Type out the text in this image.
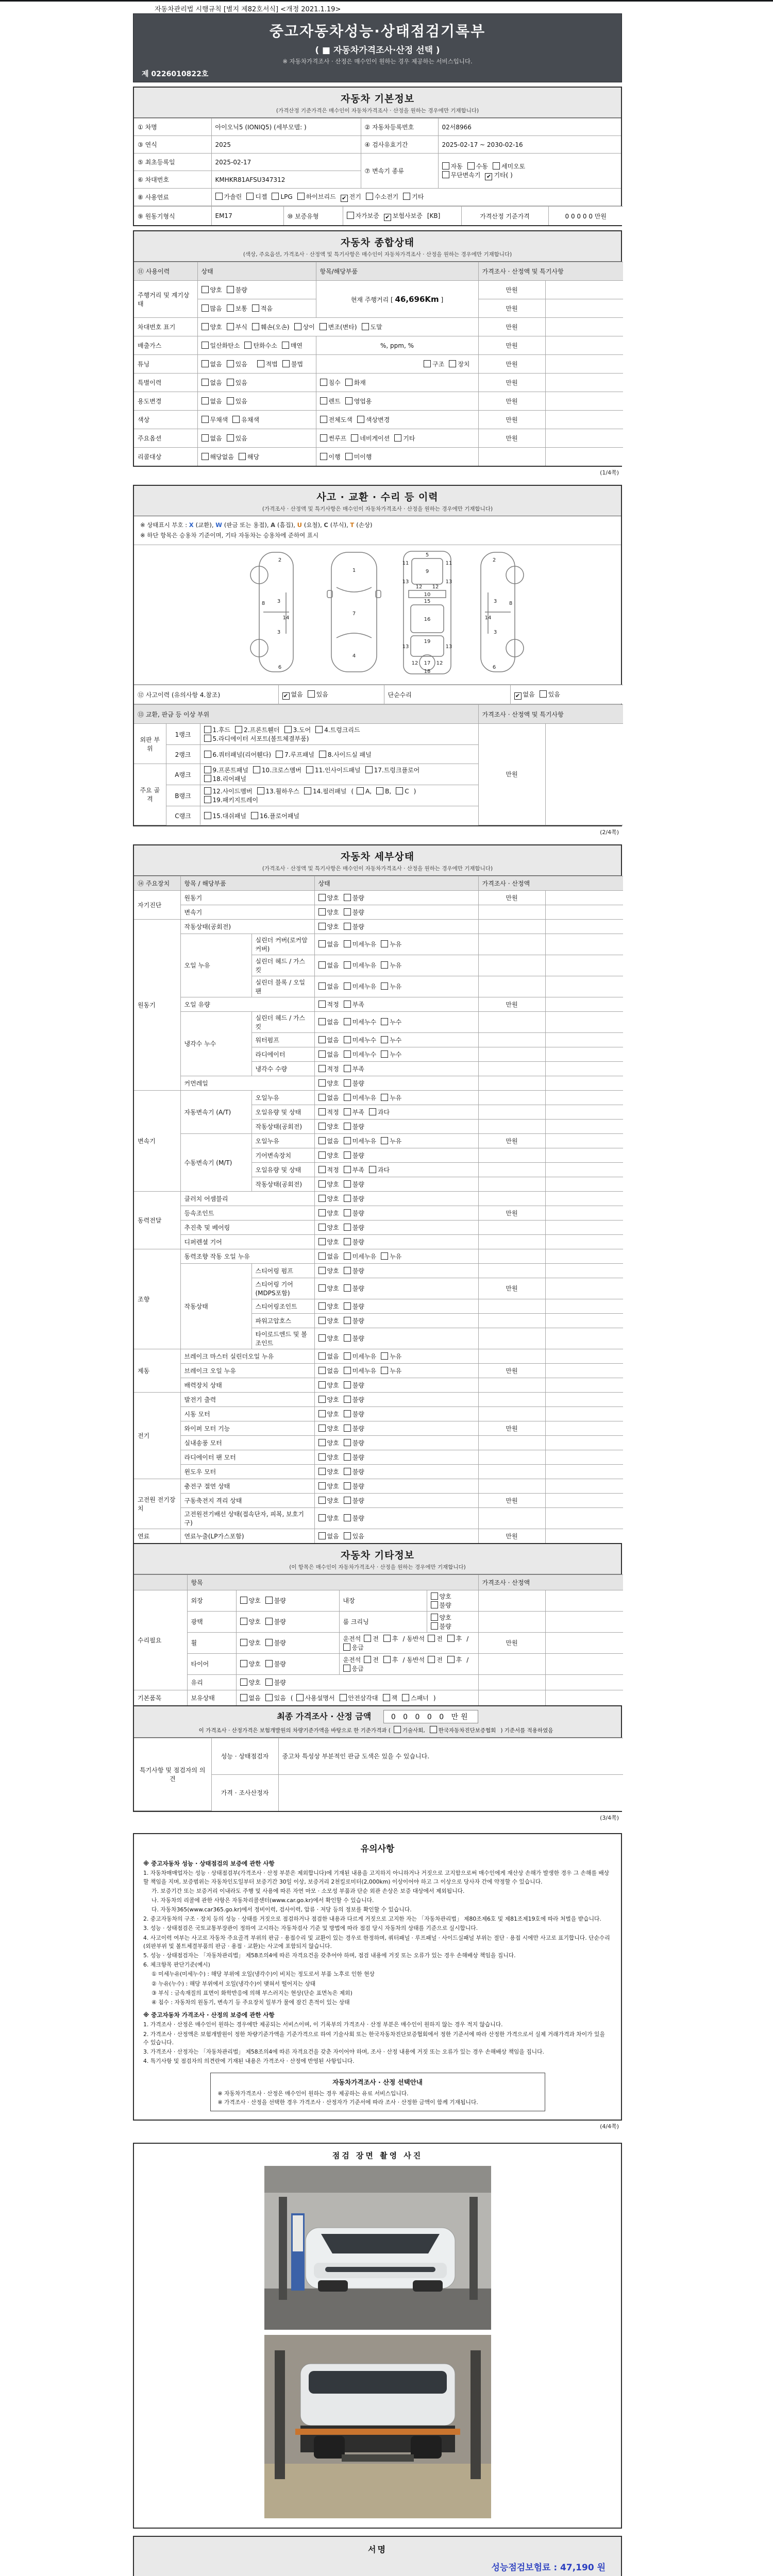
자동차관리법 시행규칙 [별지 제82호서식] <개정 2021.1.19>
중고자동차성능·상태점검기록부
( ■ 자동차가격조사·산정 선택 )
※ 자동차가격조사 · 산정은 매수인이 원하는 경우 제공하는 서비스입니다.
제 0226010822호
자동차 기본정보
(가격산정 기준가격은 매수인이 자동차가격조사 · 산정을 원하는 경우에만 기재합니다)
① 차명	아이오닉5 (IONIQ5) (세부모델: )	② 자동차등록번호	02서8966
③ 연식	2025	④ 검사유효기간	2025-02-17 ~ 2030-02-16
⑤ 최초등록일	2025-02-17	⑦ 변속기 종류	자동 수동 세미오토
무단변속기 ✔ 기타( )
⑥ 차대번호	KMHKR81AFSU347312		
⑧ 사용연료	가솔린 디젤 LPG 하이브리드 ✔ 전기 수소전기 기타		
⑨ 원동기형식	EM17	⑩ 보증유형	자가보증 ✔ 보험사보증 [KB]	가격산정 기준가격	0 0 0 0 0 만원
자동차 종합상태
(색상, 주요옵션, 가격조사 · 산정액 및 특기사항은 매수인이 자동차가격조사 · 산정을 원하는 경우에만 기재합니다)
⑪ 사용이력	상태	항목/해당부품	가격조사 · 산정액 및 특기사항	
주행거리 및 계기상태	양호 불량	현재 주행거리 [ 46,696Km ]	만원	
	많음 보통 적음		만원	
차대번호 표기	양호 부식 훼손(오손) 상이 변조(변타) 도말		만원	
배출가스	일산화탄소 탄화수소 매연	%, ppm, %	만원	
튜닝	없음 있음 적법 불법	구조 장치	만원	
특별이력	없음 있음	침수 화재	만원	
용도변경	없음 있음	렌트 영업용	만원	
색상	무채색 유채색	전체도색 색상변경	만원	
주요옵션	없음 있음	썬루프 네비게이션 기타	만원	
리콜대상	해당없음 해당	이행 미이행		
(1/4쪽)
사고 · 교환 · 수리 등 이력
(가격조사 · 산정액 및 특기사항은 매수인이 자동차가격조사 · 산정을 원하는 경우에만 기재합니다)
※ 상태표시 부호 : X (교환), W (판금 또는 용접), A (흠집), U (요철), C (부식), T (손상)
※ 하단 항목은 승용차 기준이며, 기타 자동차는 승용차에 준하여 표시
2
8 3
14
3
6
1
7
4
5
9
11	11
13	13
12 12
10
15
16
13	13
19
12	12
17
18
2
8
3
14
3
6
⑫ 사고이력 (유의사항 4.참조)	✔ 없음 있음	단순수리	✔ 없음 있음
⑬ 교환, 판금 등 이상 부위			가격조사 · 산정액 및 특기사항	
외판 부위	1랭크	1.후드 2.프론트휀더 3.도어 4.트렁크리드
5.라디에이터 서포트(볼트체결부품)	만원	
	2랭크	6.쿼터패널(리어휀다) 7.루프패널 8.사이드실 패널		
주요 골격	A랭크	9.프론트패널 10.크로스멤버 11.인사이드패널 17.트렁크플로어
18.리어패널		
	B랭크	12.사이드멤버 13.휠하우스 14.필러패널 ( A, B, C )
19.패키지트레이		
	C랭크	15.대쉬패널 16.플로어패널		
(2/4쪽)
자동차 세부상태
(가격조사 · 산정액 및 특기사항은 매수인이 자동차가격조사 · 산정을 원하는 경우에만 기재합니다)
⑭ 주요장치	항목 / 해당부품		상태	가격조사 · 산정액	
자기진단	원동기		양호 불량	만원	
	변속기		양호 불량		
원동기	작동상태(공회전)		양호 불량		
	오일 누유	실린더 커버(로커암 커버)	없음 미세누유 누유		
		실린더 헤드 / 가스킷	없음 미세누유 누유		
		실린더 블록 / 오일팬	없음 미세누유 누유		
	오일 유량		적정 부족	만원	
	냉각수 누수	실린더 헤드 / 가스킷	없음 미세누수 누수		
		워터펌프	없음 미세누수 누수		
		라디에이터	없음 미세누수 누수		
		냉각수 수량	적정 부족		
	커먼레일		양호 불량		
변속기	자동변속기 (A/T)	오일누유	없음 미세누유 누유		
		오일유량 및 상태	적정 부족 과다		
		작동상태(공회전)	양호 불량		
	수동변속기 (M/T)	오일누유	없음 미세누유 누유	만원	
		기어변속장치	양호 불량		
		오일유량 및 상태	적정 부족 과다		
		작동상태(공회전)	양호 불량		
동력전달	클러치 어셈블리		양호 불량		
	등속조인트		양호 불량	만원	
	추진축 및 베어링		양호 불량		
	디퍼렌셜 기어		양호 불량		
조향	동력조향 작동 오일 누유		없음 미세누유 누유		
	작동상태	스티어링 펌프	양호 불량		
		스티어링 기어(MDPS포함)	양호 불량	만원	
		스티어링조인트	양호 불량		
		파워고압호스	양호 불량		
		타이로드엔드 및 볼 조인트	양호 불량		
제동	브레이크 마스터 실린더오일 누유		없음 미세누유 누유		
	브레이크 오일 누유		없음 미세누유 누유	만원	
	배력장치 상태		양호 불량		
전기	발전기 출력		양호 불량		
	시동 모터		양호 불량		
	와이퍼 모터 기능		양호 불량	만원	
	실내송풍 모터		양호 불량		
	라디에이터 팬 모터		양호 불량		
	윈도우 모터		양호 불량		
고전원 전기장치	충전구 절연 상태		양호 불량		
	구동축전지 격리 상태		양호 불량	만원	
	고전원전기배선 상태(접속단자, 피복, 보호기구)		양호 불량		
연료	연료누출(LP가스포함)		없음 있음	만원	
자동차 기타정보
(이 항목은 매수인이 자동차가격조사 · 산정을 원하는 경우에만 기재합니다)
	항목				가격조사 · 산정액	
수리필요	외장	양호 불량	내장	양호불량		
	광택	양호 불량	룸 크리닝	양호불량		
	휠	양호 불량	운전석 전 후 / 동반석 전 후 /응급		만원	
	타이어	양호 불량	운전석 전 후 / 동반석 전 후 /응급			
	유리	양호 불량				
기본품목	보유상태	없음 있음 ( 사용설명서 안전삼각대 잭 스패너 )				
최종 가격조사 · 산정 금액	0 0 0 0 0 만원
이 가격조사 · 산정가격은 보험개발원의 차량기준가액을 바탕으로 한 기준가격과 ( 기술사회, 한국자동차진단보증협회 ) 기준서를 적용하였음
특기사항 및 점검자의 의견	성능 · 상태점검자	중고차 특성상 부분적인 판금 도색은 있을 수 있습니다.
	가격 · 조사산정자	
(3/4쪽)
유의사항
※ 중고자동차 성능 · 상태점검의 보증에 관한 사항
1. 자동차매매업자는 성능 · 상태점검부(가격조사 · 산정 부분은 제외합니다)에 기재된 내용을 고지하지 아니하거나 거짓으로 고지함으로써 매수인에게 재산상 손해가 발생한 경우 그 손해를 배상할 책임을 지며, 보증범위는 자동차인도일부터 보증기간 30일 이상, 보증거리 2천킬로미터(2,000km) 이상이어야 하고 그 이상으로 당사자 간에 약정할 수 있습니다.
가. 보증기간 또는 보증거리 이내라도 주행 및 사용에 따른 자연 마모 · 소모성 부품과 단순 외관 손상은 보증 대상에서 제외됩니다.
나. 자동차의 리콜에 관한 사항은 자동차리콜센터(www.car.go.kr)에서 확인할 수 있습니다.
다. 자동차365(www.car365.go.kr)에서 정비이력, 검사이력, 압류 · 저당 등의 정보를 확인할 수 있습니다.
2. 중고자동차의 구조 · 장치 등의 성능 · 상태를 거짓으로 점검하거나 점검한 내용과 다르게 거짓으로 고지한 자는 「자동차관리법」 제80조제6호 및 제81조제19호에 따라 처벌을 받습니다.
3. 성능 · 상태점검은 국토교통부장관이 정하여 고시하는 자동차검사 기준 및 방법에 따라 점검 당시 자동차의 상태를 기준으로 실시합니다.
4. 사고이력 여부는 사고로 자동차 주요골격 부위의 판금 · 용접수리 및 교환이 있는 경우로 한정하며, 쿼터패널 · 루프패널 · 사이드실패널 부위는 절단 · 용접 시에만 사고로 표기합니다. 단순수리(외판부위 및 볼트체결부품의 판금 · 용접 · 교환)는 사고에 포함되지 않습니다.
5. 성능 · 상태점검자는 「자동차관리법」 제58조의4에 따른 자격요건을 갖추어야 하며, 점검 내용에 거짓 또는 오류가 있는 경우 손해배상 책임을 집니다.
6. 체크항목 판단기준(예시)
① 미세누유(미세누수) : 해당 부위에 오일(냉각수)이 비치는 정도로서 부품 노후로 인한 현상
② 누유(누수) : 해당 부위에서 오일(냉각수)이 맺혀서 떨어지는 상태
③ 부식 : 금속재질의 표면이 화학반응에 의해 부스러지는 현상(단순 표면녹은 제외)
④ 침수 : 자동차의 원동기, 변속기 등 주요장치 일부가 물에 잠긴 흔적이 있는 상태
※ 중고자동차 가격조사 · 산정의 보증에 관한 사항
1. 가격조사 · 산정은 매수인이 원하는 경우에만 제공되는 서비스이며, 이 기록부의 가격조사 · 산정 부분은 매수인이 원하지 않는 경우 적지 않습니다.
2. 가격조사 · 산정액은 보험개발원이 정한 차량기준가액을 기준가격으로 하여 기술사회 또는 한국자동차진단보증협회에서 정한 기준서에 따라 산정한 가격으로서 실제 거래가격과 차이가 있을 수 있습니다.
3. 가격조사 · 산정자는 「자동차관리법」 제58조의4에 따른 자격요건을 갖춘 자이어야 하며, 조사 · 산정 내용에 거짓 또는 오류가 있는 경우 손해배상 책임을 집니다.
4. 특기사항 및 점검자의 의견란에 기재된 내용은 가격조사 · 산정에 반영된 사항입니다.
자동차가격조사 · 산정 선택안내
※ 자동차가격조사 · 산정은 매수인이 원하는 경우 제공하는 유료 서비스입니다.
※ 가격조사 · 산정을 선택한 경우 가격조사 · 산정자가 기준서에 따라 조사 · 산정한 금액이 함께 기재됩니다.
(4/4쪽)
점검 장면 촬영 사진
서명
성능점검보험료 : 47,190 원
